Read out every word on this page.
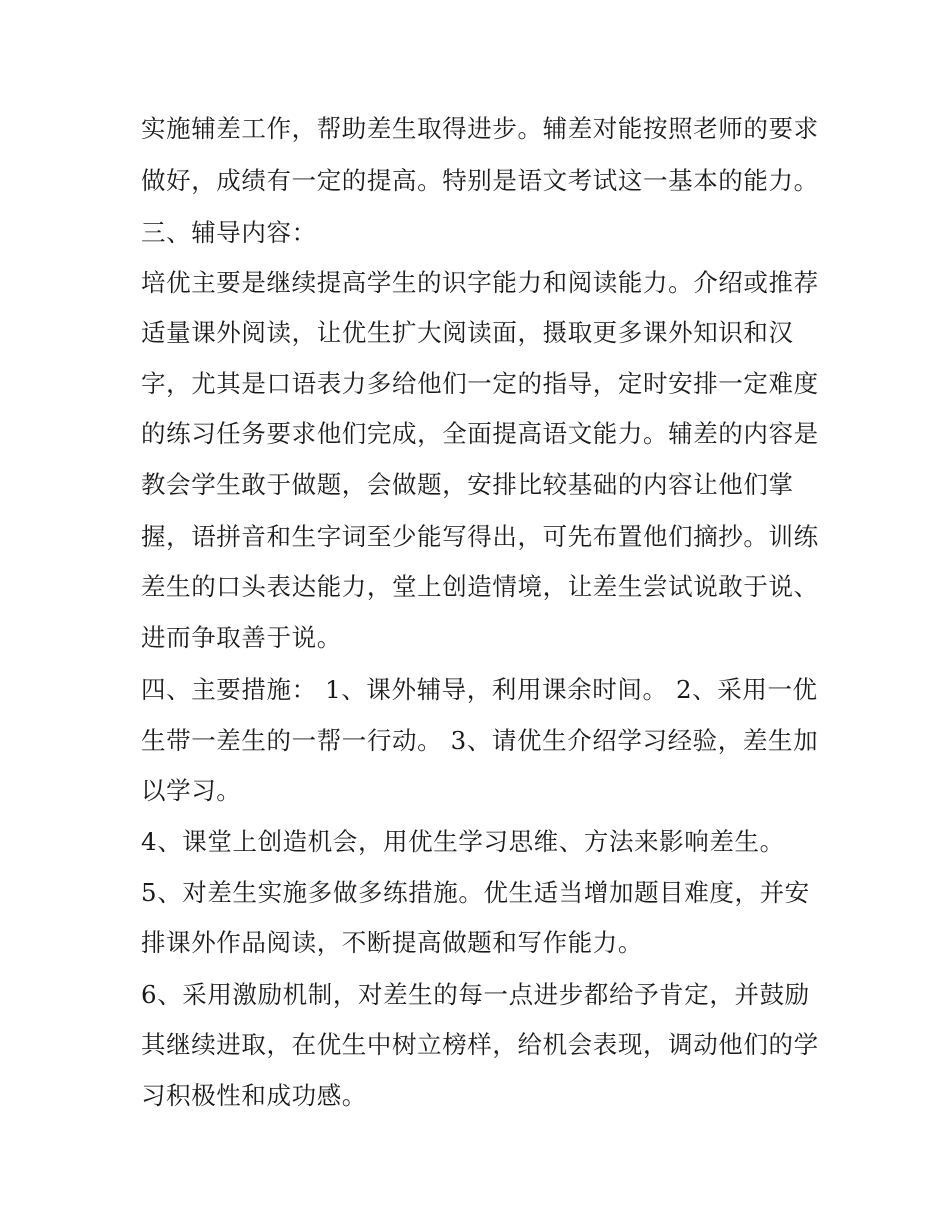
实施辅差工作，帮助差生取得进步。辅差对能按照老师的要求
做好，成绩有一定的提高。特别是语文考试这一基本的能力。
三、辅导内容：
培优主要是继续提高学生的识字能力和阅读能力。介绍或推荐
适量课外阅读，让优生扩大阅读面，摄取更多课外知识和汉
字，尤其是口语表力多给他们一定的指导，定时安排一定难度
的练习任务要求他们完成，全面提高语文能力。辅差的内容是
教会学生敢于做题，会做题，安排比较基础的内容让他们掌
握，语拼音和生字词至少能写得出，可先布置他们摘抄。训练
差生的口头表达能力，堂上创造情境，让差生尝试说敢于说、
进而争取善于说。
四、主要措施： 1、课外辅导，利用课余时间。 2、采用一优
生带一差生的一帮一行动。 3、请优生介绍学习经验，差生加
以学习。
4、课堂上创造机会，用优生学习思维、方法来影响差生。
5、对差生实施多做多练措施。优生适当增加题目难度，并安
排课外作品阅读，不断提高做题和写作能力。
6、采用激励机制，对差生的每一点进步都给予肯定，并鼓励
其继续进取，在优生中树立榜样，给机会表现，调动他们的学
习积极性和成功感。
